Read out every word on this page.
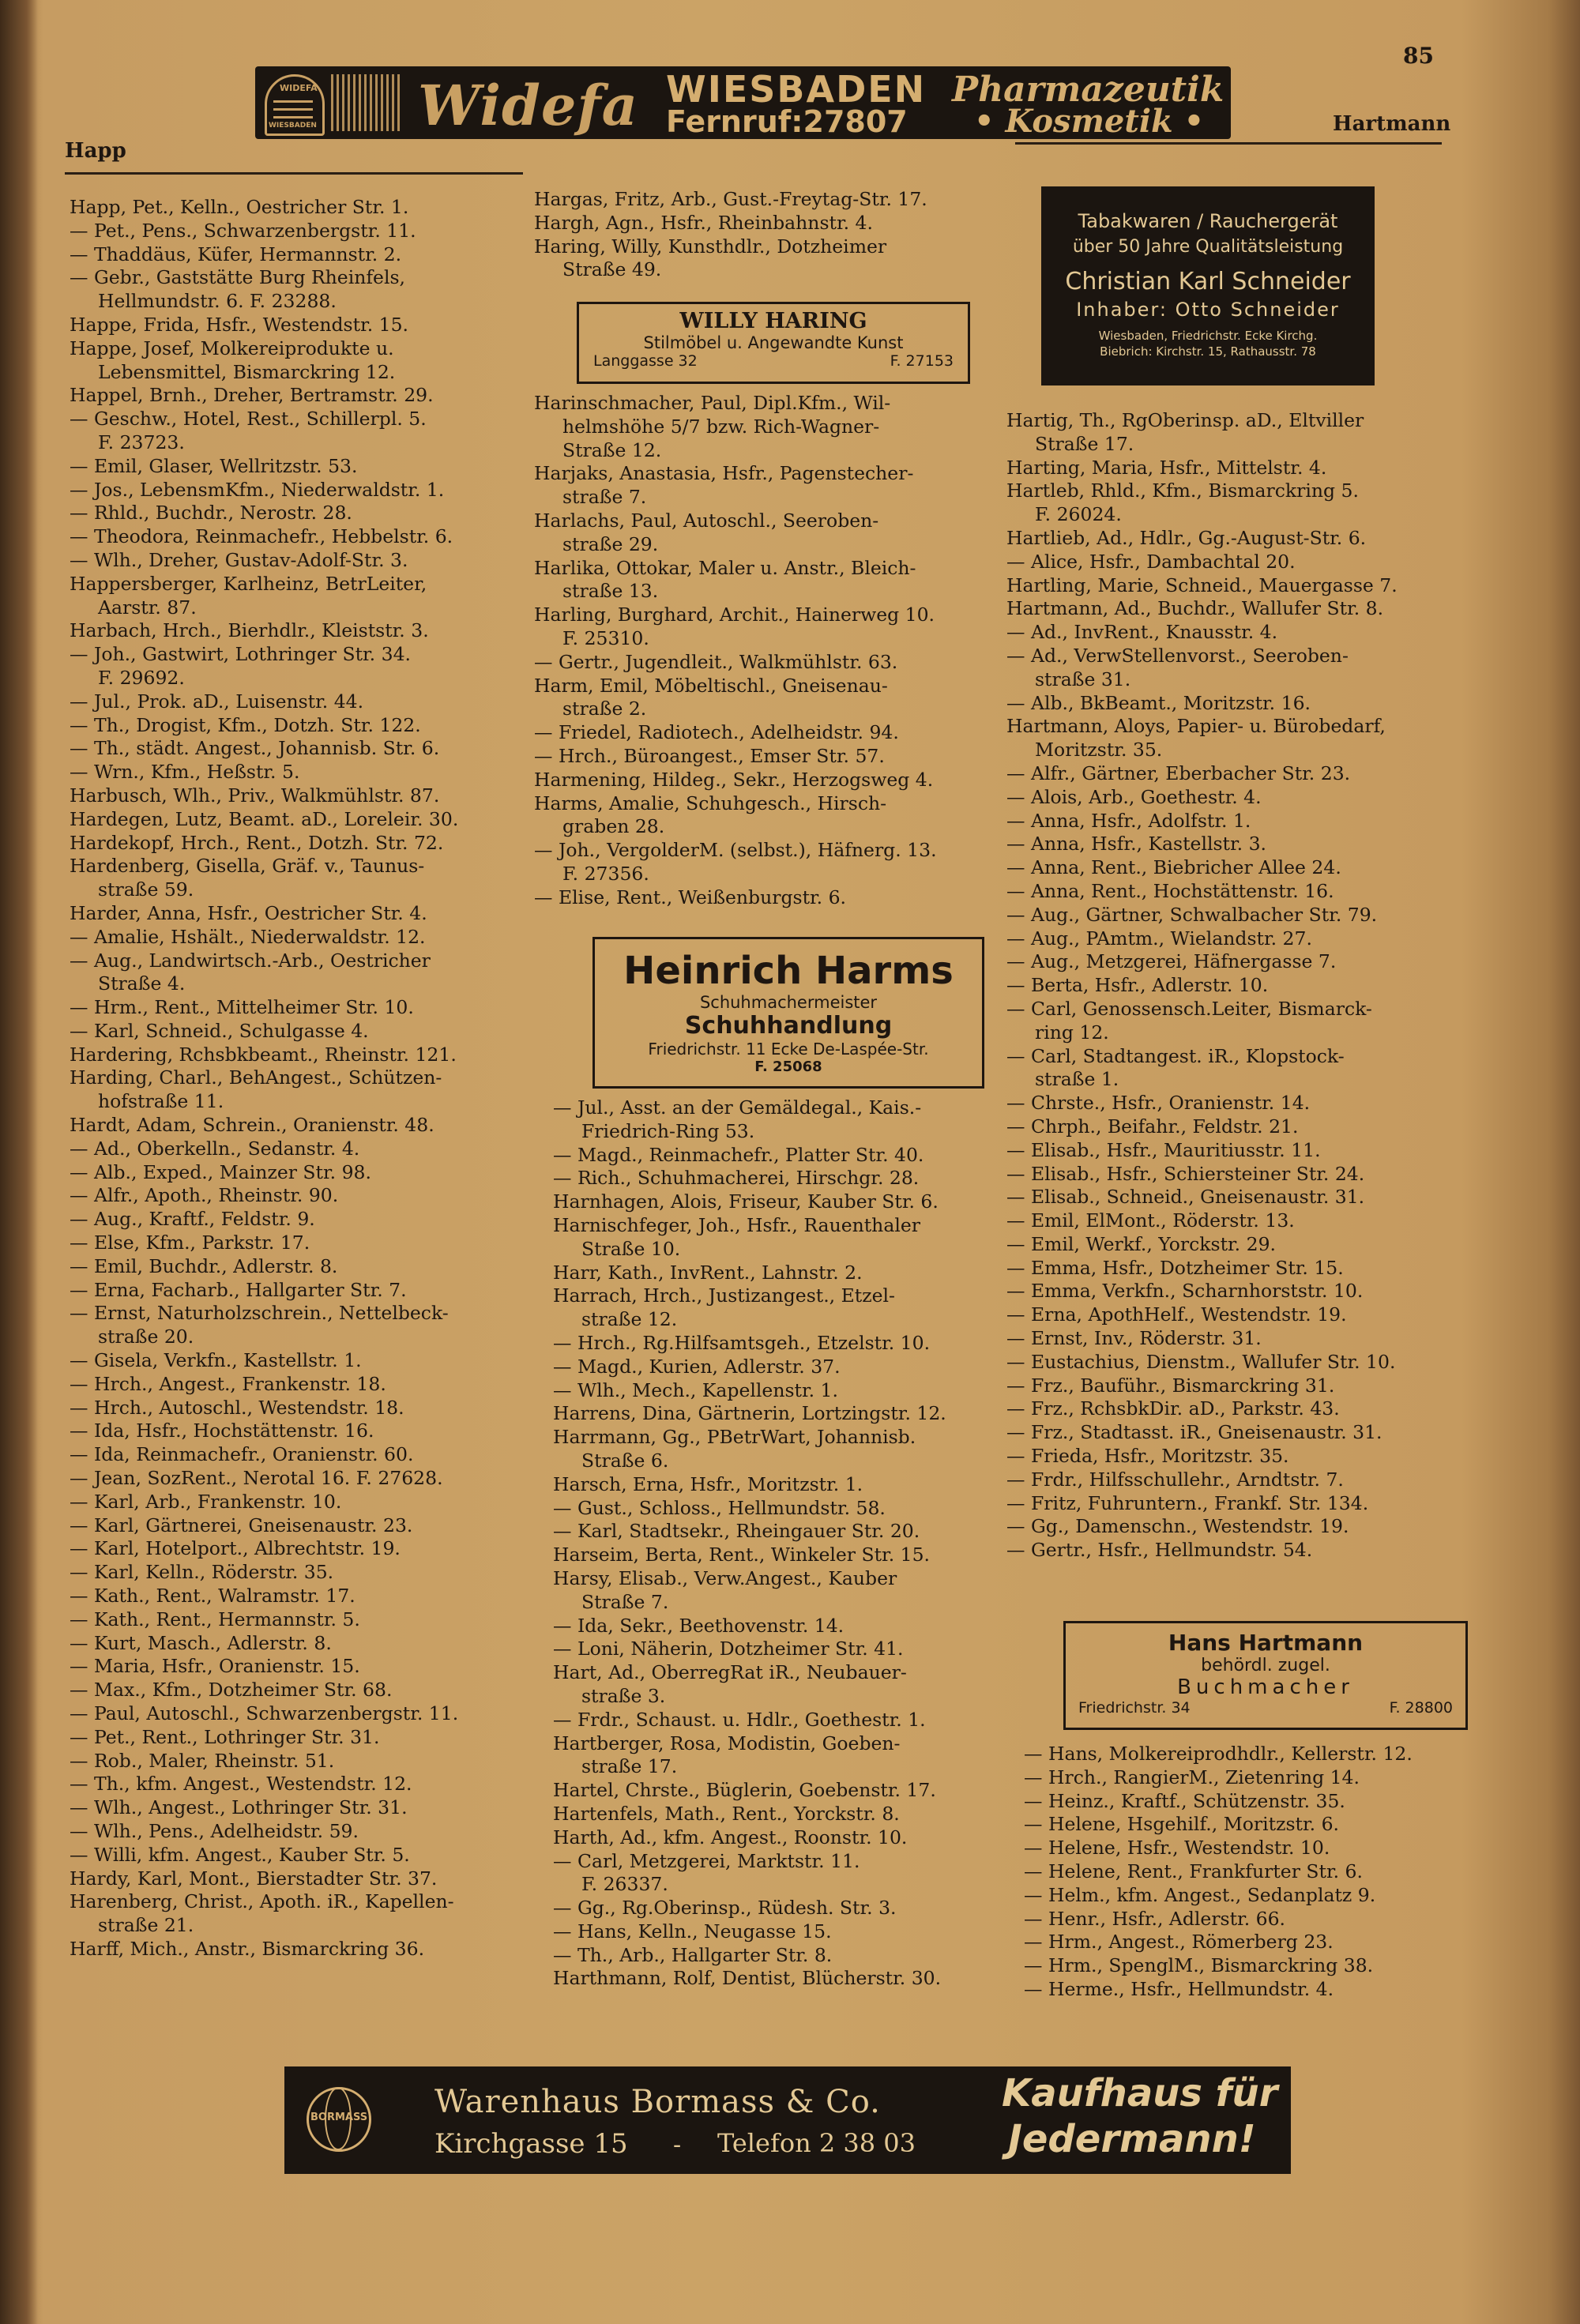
Happ
85
Hartmann
WIDEFA
WIESBADEN Widefa WIESBADEN
Fernruf:27807
Pharmazeutik
• Kosmetik •
Happ, Pet., Kelln., Oestricher Str. 1.
— Pet., Pens., Schwarzenbergstr. 11.
— Thaddäus, Küfer, Hermannstr. 2.
— Gebr., Gaststätte Burg Rheinfels,
Hellmundstr. 6. F. 23288.
Happe, Frida, Hsfr., Westendstr. 15.
Happe, Josef, Molkereiprodukte u.
Lebensmittel, Bismarckring 12.
Happel, Brnh., Dreher, Bertramstr. 29.
— Geschw., Hotel, Rest., Schillerpl. 5.
F. 23723.
— Emil, Glaser, Wellritzstr. 53.
— Jos., LebensmKfm., Niederwaldstr. 1.
— Rhld., Buchdr., Nerostr. 28.
— Theodora, Reinmachefr., Hebbelstr. 6.
— Wlh., Dreher, Gustav-Adolf-Str. 3.
Happersberger, Karlheinz, BetrLeiter,
Aarstr. 87.
Harbach, Hrch., Bierhdlr., Kleiststr. 3.
— Joh., Gastwirt, Lothringer Str. 34.
F. 29692.
— Jul., Prok. aD., Luisenstr. 44.
— Th., Drogist, Kfm., Dotzh. Str. 122.
— Th., städt. Angest., Johannisb. Str. 6.
— Wrn., Kfm., Heßstr. 5.
Harbusch, Wlh., Priv., Walkmühlstr. 87.
Hardegen, Lutz, Beamt. aD., Loreleir. 30.
Hardekopf, Hrch., Rent., Dotzh. Str. 72.
Hardenberg, Gisella, Gräf. v., Taunus-
straße 59.
Harder, Anna, Hsfr., Oestricher Str. 4.
— Amalie, Hshält., Niederwaldstr. 12.
— Aug., Landwirtsch.-Arb., Oestricher
Straße 4.
— Hrm., Rent., Mittelheimer Str. 10.
— Karl, Schneid., Schulgasse 4.
Hardering, Rchsbkbeamt., Rheinstr. 121.
Harding, Charl., BehAngest., Schützen-
hofstraße 11.
Hardt, Adam, Schrein., Oranienstr. 48.
— Ad., Oberkelln., Sedanstr. 4.
— Alb., Exped., Mainzer Str. 98.
— Alfr., Apoth., Rheinstr. 90.
— Aug., Kraftf., Feldstr. 9.
— Else, Kfm., Parkstr. 17.
— Emil, Buchdr., Adlerstr. 8.
— Erna, Facharb., Hallgarter Str. 7.
— Ernst, Naturholzschrein., Nettelbeck-
straße 20.
— Gisela, Verkfn., Kastellstr. 1.
— Hrch., Angest., Frankenstr. 18.
— Hrch., Autoschl., Westendstr. 18.
— Ida, Hsfr., Hochstättenstr. 16.
— Ida, Reinmachefr., Oranienstr. 60.
— Jean, SozRent., Nerotal 16. F. 27628.
— Karl, Arb., Frankenstr. 10.
— Karl, Gärtnerei, Gneisenaustr. 23.
— Karl, Hotelport., Albrechtstr. 19.
— Karl, Kelln., Röderstr. 35.
— Kath., Rent., Walramstr. 17.
— Kath., Rent., Hermannstr. 5.
— Kurt, Masch., Adlerstr. 8.
— Maria, Hsfr., Oranienstr. 15.
— Max., Kfm., Dotzheimer Str. 68.
— Paul, Autoschl., Schwarzenbergstr. 11.
— Pet., Rent., Lothringer Str. 31.
— Rob., Maler, Rheinstr. 51.
— Th., kfm. Angest., Westendstr. 12.
— Wlh., Angest., Lothringer Str. 31.
— Wlh., Pens., Adelheidstr. 59.
— Willi, kfm. Angest., Kauber Str. 5.
Hardy, Karl, Mont., Bierstadter Str. 37.
Harenberg, Christ., Apoth. iR., Kapellen-
straße 21.
Harff, Mich., Anstr., Bismarckring 36.
Hargas, Fritz, Arb., Gust.-Freytag-Str. 17.
Hargh, Agn., Hsfr., Rheinbahnstr. 4.
Haring, Willy, Kunsthdlr., Dotzheimer
Straße 49.
WILLY HARING
Stilmöbel u. Angewandte Kunst
Langgasse 32	F. 27153
Harinschmacher, Paul, Dipl.Kfm., Wil-
helmshöhe 5/7 bzw. Rich-Wagner-
Straße 12.
Harjaks, Anastasia, Hsfr., Pagenstecher-
straße 7.
Harlachs, Paul, Autoschl., Seeroben-
straße 29.
Harlika, Ottokar, Maler u. Anstr., Bleich-
straße 13.
Harling, Burghard, Archit., Hainerweg 10.
F. 25310.
— Gertr., Jugendleit., Walkmühlstr. 63.
Harm, Emil, Möbeltischl., Gneisenau-
straße 2.
— Friedel, Radiotech., Adelheidstr. 94.
— Hrch., Büroangest., Emser Str. 57.
Harmening, Hildeg., Sekr., Herzogsweg 4.
Harms, Amalie, Schuhgesch., Hirsch-
graben 28.
— Joh., VergolderM. (selbst.), Häfnerg. 13.
F. 27356.
— Elise, Rent., Weißenburgstr. 6.
Heinrich Harms
Schuhmachermeister
Schuhhandlung
Friedrichstr. 11 Ecke De-Laspée-Str.
F. 25068
— Jul., Asst. an der Gemäldegal., Kais.-
Friedrich-Ring 53.
— Magd., Reinmachefr., Platter Str. 40.
— Rich., Schuhmacherei, Hirschgr. 28.
Harnhagen, Alois, Friseur, Kauber Str. 6.
Harnischfeger, Joh., Hsfr., Rauenthaler
Straße 10.
Harr, Kath., InvRent., Lahnstr. 2.
Harrach, Hrch., Justizangest., Etzel-
straße 12.
— Hrch., Rg.Hilfsamtsgeh., Etzelstr. 10.
— Magd., Kurien, Adlerstr. 37.
— Wlh., Mech., Kapellenstr. 1.
Harrens, Dina, Gärtnerin, Lortzingstr. 12.
Harrmann, Gg., PBetrWart, Johannisb.
Straße 6.
Harsch, Erna, Hsfr., Moritzstr. 1.
— Gust., Schloss., Hellmundstr. 58.
— Karl, Stadtsekr., Rheingauer Str. 20.
Harseim, Berta, Rent., Winkeler Str. 15.
Harsy, Elisab., Verw.Angest., Kauber
Straße 7.
— Ida, Sekr., Beethovenstr. 14.
— Loni, Näherin, Dotzheimer Str. 41.
Hart, Ad., OberregRat iR., Neubauer-
straße 3.
— Frdr., Schaust. u. Hdlr., Goethestr. 1.
Hartberger, Rosa, Modistin, Goeben-
straße 17.
Hartel, Chrste., Büglerin, Goebenstr. 17.
Hartenfels, Math., Rent., Yorckstr. 8.
Harth, Ad., kfm. Angest., Roonstr. 10.
— Carl, Metzgerei, Marktstr. 11.
F. 26337.
— Gg., Rg.Oberinsp., Rüdesh. Str. 3.
— Hans, Kelln., Neugasse 15.
— Th., Arb., Hallgarter Str. 8.
Harthmann, Rolf, Dentist, Blücherstr. 30.
Tabakwaren / Rauchergerät
über 50 Jahre Qualitätsleistung
Christian Karl Schneider
Inhaber: Otto Schneider
Wiesbaden, Friedrichstr. Ecke Kirchg.
Biebrich: Kirchstr. 15, Rathausstr. 78
Hartig, Th., RgOberinsp. aD., Eltviller
Straße 17.
Harting, Maria, Hsfr., Mittelstr. 4.
Hartleb, Rhld., Kfm., Bismarckring 5.
F. 26024.
Hartlieb, Ad., Hdlr., Gg.-August-Str. 6.
— Alice, Hsfr., Dambachtal 20.
Hartling, Marie, Schneid., Mauergasse 7.
Hartmann, Ad., Buchdr., Wallufer Str. 8.
— Ad., InvRent., Knausstr. 4.
— Ad., VerwStellenvorst., Seeroben-
straße 31.
— Alb., BkBeamt., Moritzstr. 16.
Hartmann, Aloys, Papier- u. Bürobedarf,
Moritzstr. 35.
— Alfr., Gärtner, Eberbacher Str. 23.
— Alois, Arb., Goethestr. 4.
— Anna, Hsfr., Adolfstr. 1.
— Anna, Hsfr., Kastellstr. 3.
— Anna, Rent., Biebricher Allee 24.
— Anna, Rent., Hochstättenstr. 16.
— Aug., Gärtner, Schwalbacher Str. 79.
— Aug., PAmtm., Wielandstr. 27.
— Aug., Metzgerei, Häfnergasse 7.
— Berta, Hsfr., Adlerstr. 10.
— Carl, Genossensch.Leiter, Bismarck-
ring 12.
— Carl, Stadtangest. iR., Klopstock-
straße 1.
— Chrste., Hsfr., Oranienstr. 14.
— Chrph., Beifahr., Feldstr. 21.
— Elisab., Hsfr., Mauritiusstr. 11.
— Elisab., Hsfr., Schiersteiner Str. 24.
— Elisab., Schneid., Gneisenaustr. 31.
— Emil, ElMont., Röderstr. 13.
— Emil, Werkf., Yorckstr. 29.
— Emma, Hsfr., Dotzheimer Str. 15.
— Emma, Verkfn., Scharnhorststr. 10.
— Erna, ApothHelf., Westendstr. 19.
— Ernst, Inv., Röderstr. 31.
— Eustachius, Dienstm., Wallufer Str. 10.
— Frz., Bauführ., Bismarckring 31.
— Frz., RchsbkDir. aD., Parkstr. 43.
— Frz., Stadtasst. iR., Gneisenaustr. 31.
— Frieda, Hsfr., Moritzstr. 35.
— Frdr., Hilfsschullehr., Arndtstr. 7.
— Fritz, Fuhruntern., Frankf. Str. 134.
— Gg., Damenschn., Westendstr. 19.
— Gertr., Hsfr., Hellmundstr. 54.
Hans Hartmann
behördl. zugel.
Buchmacher
Friedrichstr. 34	F. 28800
— Hans, Molkereiprodhdlr., Kellerstr. 12.
— Hrch., RangierM., Zietenring 14.
— Heinz., Kraftf., Schützenstr. 35.
— Helene, Hsgehilf., Moritzstr. 6.
— Helene, Hsfr., Westendstr. 10.
— Helene, Rent., Frankfurter Str. 6.
— Helm., kfm. Angest., Sedanplatz 9.
— Henr., Hsfr., Adlerstr. 66.
— Hrm., Angest., Römerberg 23.
— Hrm., SpenglM., Bismarckring 38.
— Herme., Hsfr., Hellmundstr. 4.
BORMASS Warenhaus Bormass & Co.
Kirchgasse 15 - Telefon 2 38 03
Kaufhaus für
Jedermann!
